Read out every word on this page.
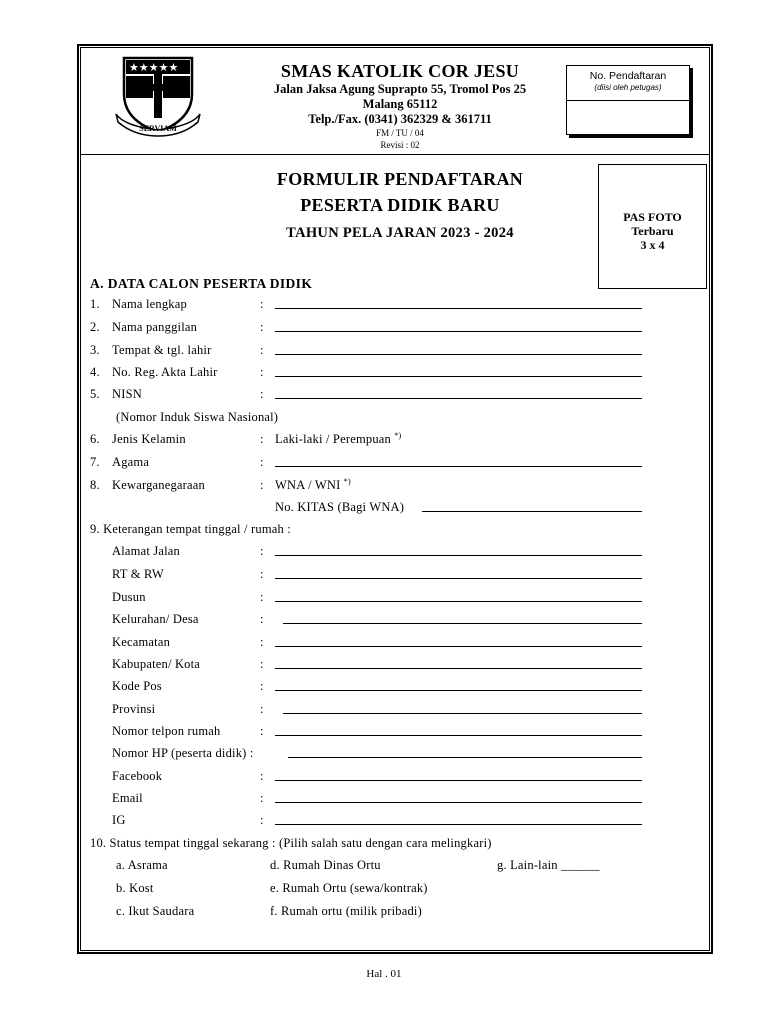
★★★★★
SERVIAM
SMAS KATOLIK COR JESU
Jalan Jaksa Agung Suprapto 55, Tromol Pos 25
Malang 65112
Telp./Fax. (0341) 362329 & 361711
FM / TU / 04
Revisi : 02
No. Pendaftaran
(diisi oleh petugas)
FORMULIR PENDAFTARAN
PESERTA DIDIK BARU
TAHUN PELA JARAN 2023 - 2024
PAS FOTO
Terbaru
3 x 4
A. DATA CALON PESERTA DIDIK
1. Nama lengkap	:
2. Nama panggilan	:
3. Tempat & tgl. lahir	:
4. No. Reg. Akta Lahir	:
5. NISN	:
(Nomor Induk Siswa Nasional)
6. Jenis Kelamin	: Laki-laki / Perempuan *)
7. Agama	:
8. Kewarganegaraan	: WNA / WNI *)
No. KITAS (Bagi WNA)
9. Keterangan tempat tinggal / rumah :
Alamat Jalan	:
RT & RW	:
Dusun	:
Kelurahan/ Desa	:
Kecamatan	:
Kabupaten/ Kota	:
Kode Pos	:
Provinsi	:
Nomor telpon rumah	:
Nomor HP (peserta didik) :
Facebook	:
Email	:
IG	:
10. Status tempat tinggal sekarang : (Pilih salah satu dengan cara melingkari)
a. Asrama
b. Kost
c. Ikut Saudara
d. Rumah Dinas Ortu
e. Rumah Ortu (sewa/kontrak)
f. Rumah ortu (milik pribadi)
g. Lain-lain ______
Hal . 01
